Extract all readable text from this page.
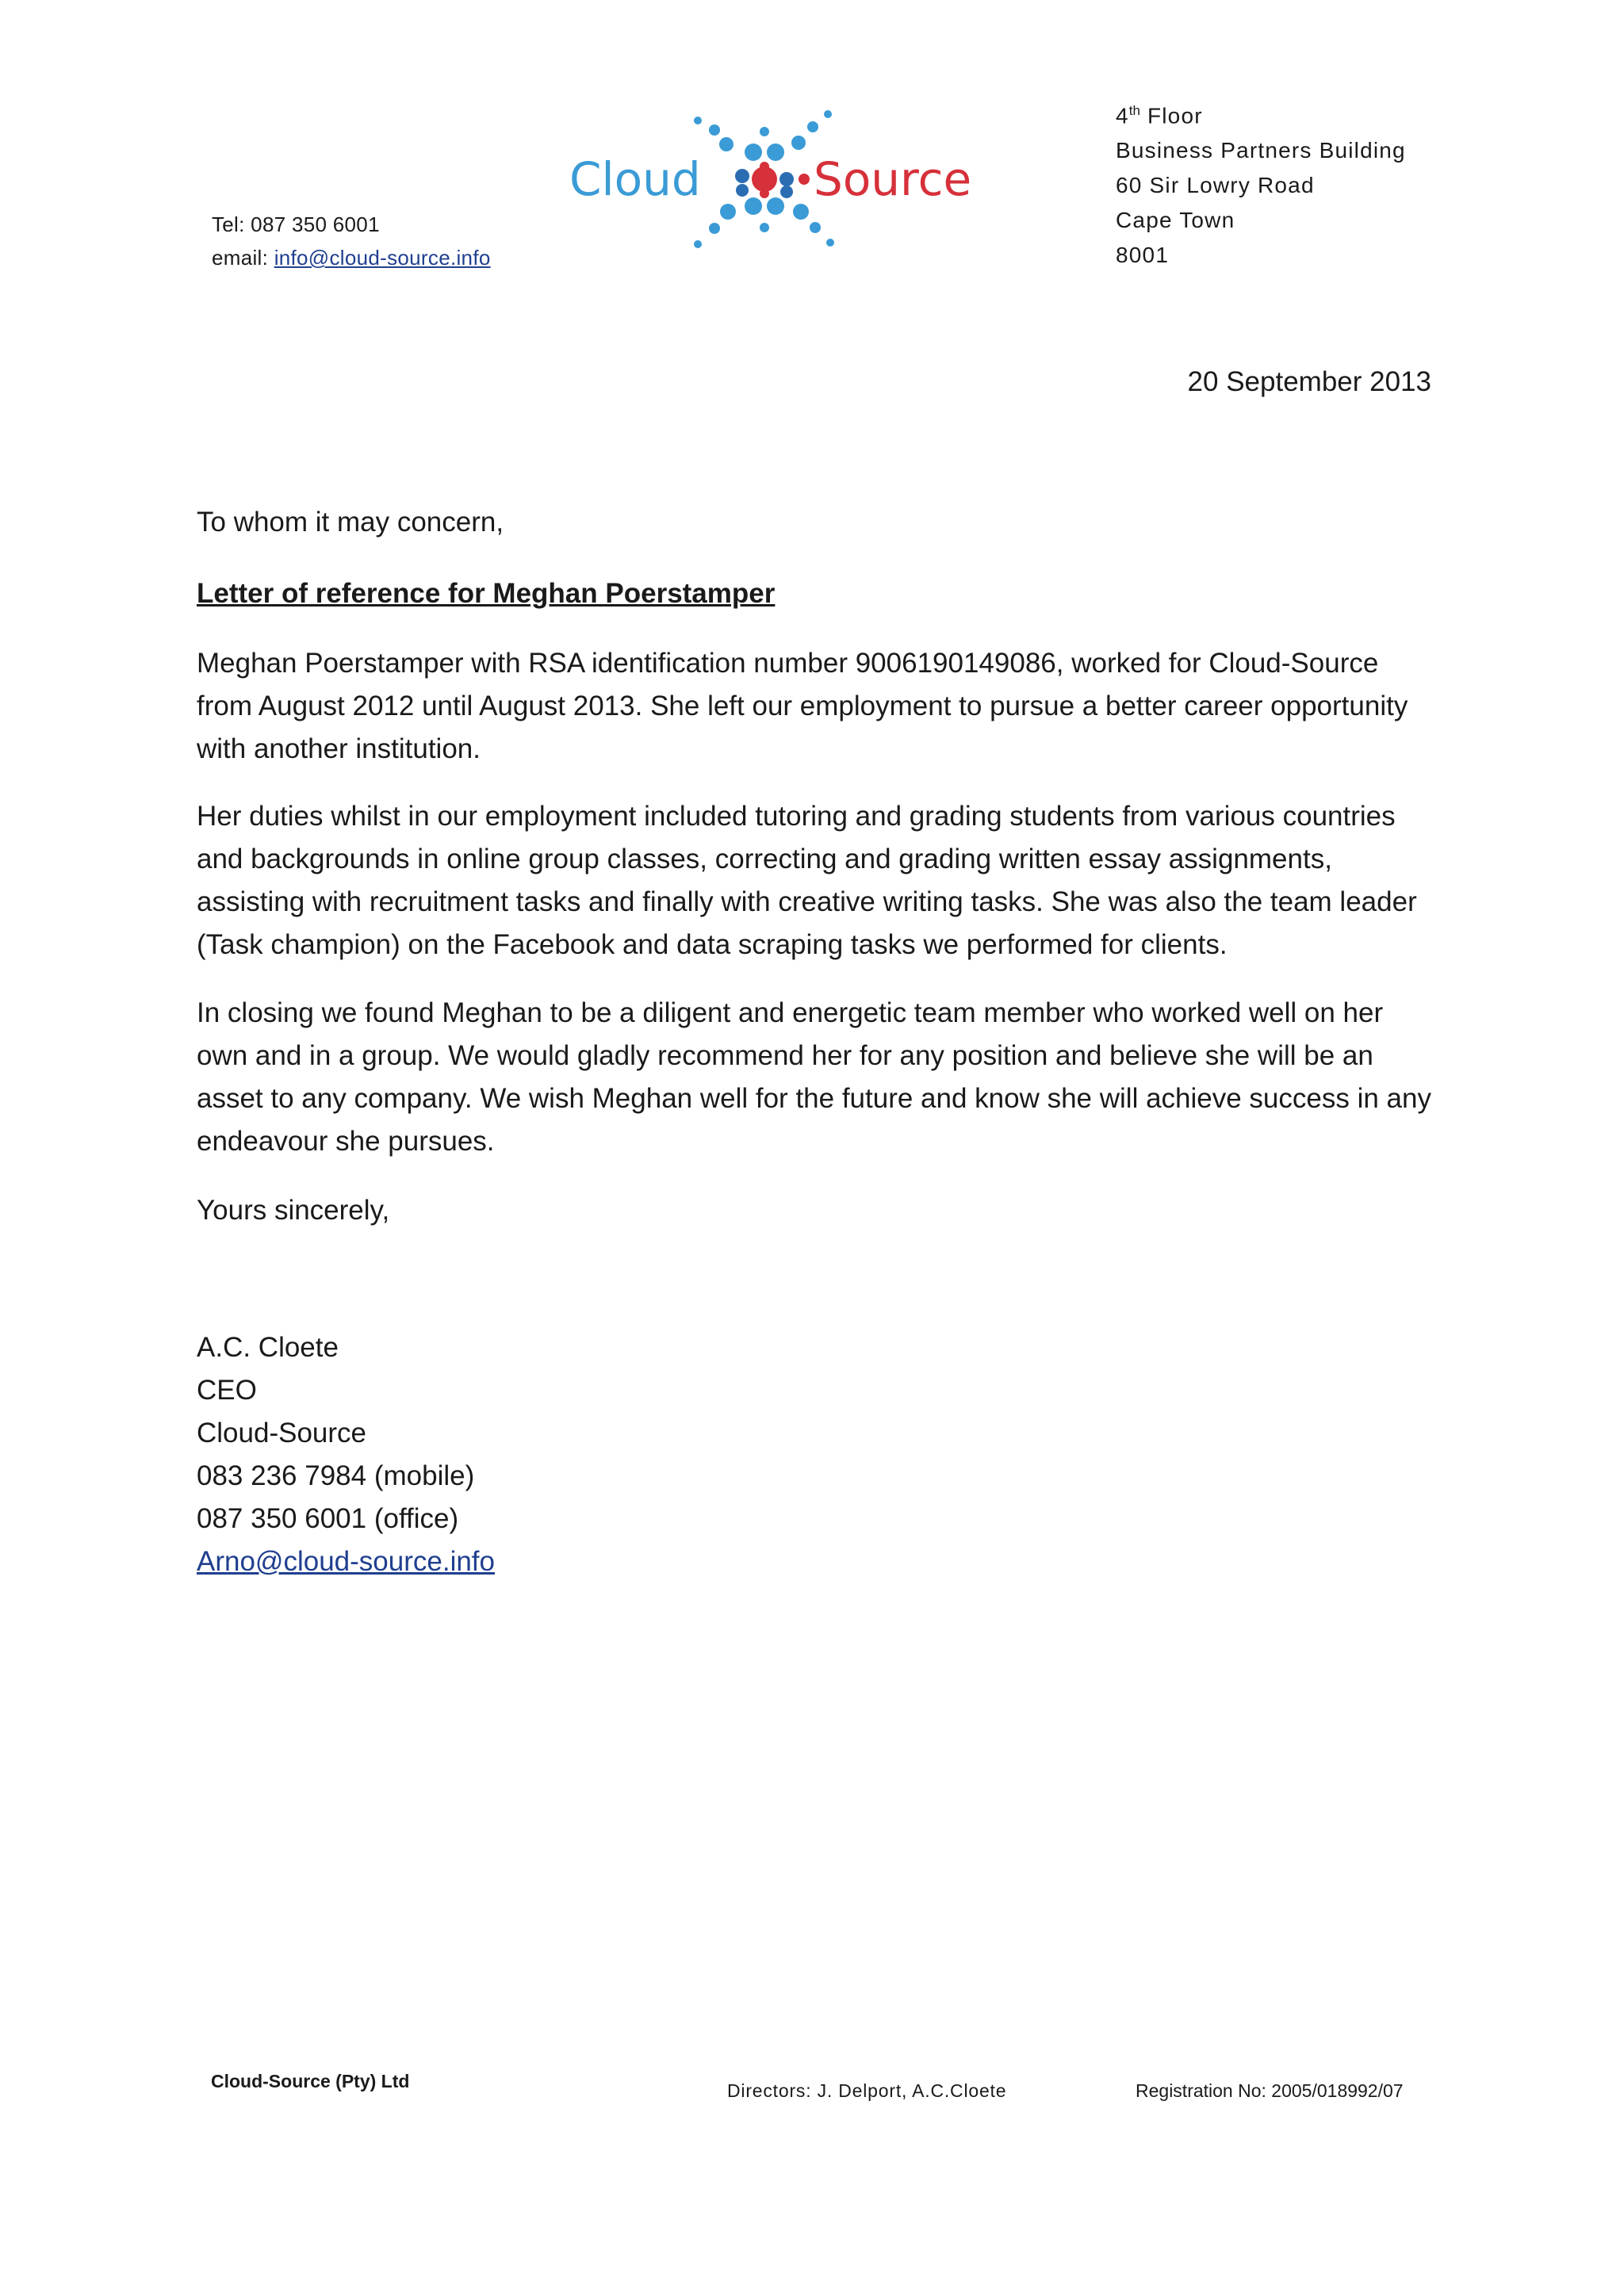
Tel: 087 350 6001
email: info@cloud-source.info
Cloud Source
4th Floor
Business Partners Building
60 Sir Lowry Road
Cape Town
8001
20 September 2013
To whom it may concern,
Letter of reference for Meghan Poerstamper

Meghan Poerstamper with RSA identification number 9006190149086, worked for Cloud-Source from August 2012 until August 2013. She left our employment to pursue a better career opportunity with another institution.

Her duties whilst in our employment included tutoring and grading students from various countries and backgrounds in online group classes, correcting and grading written essay assignments, assisting with recruitment tasks and finally with creative writing tasks. She was also the team leader (Task champion) on the Facebook and data scraping tasks we performed for clients.

In closing we found Meghan to be a diligent and energetic team member who worked well on her own and in a group. We would gladly recommend her for any position and believe she will be an asset to any company. We wish Meghan well for the future and know she will achieve success in any endeavour she pursues.

Yours sincerely,
A.C. Cloete
CEO
Cloud-Source
083 236 7984 (mobile)
087 350 6001 (office)
Arno@cloud-source.info
Cloud-Source (Pty) Ltd	Directors: J. Delport, A.C.Cloete	Registration No: 2005/018992/07
